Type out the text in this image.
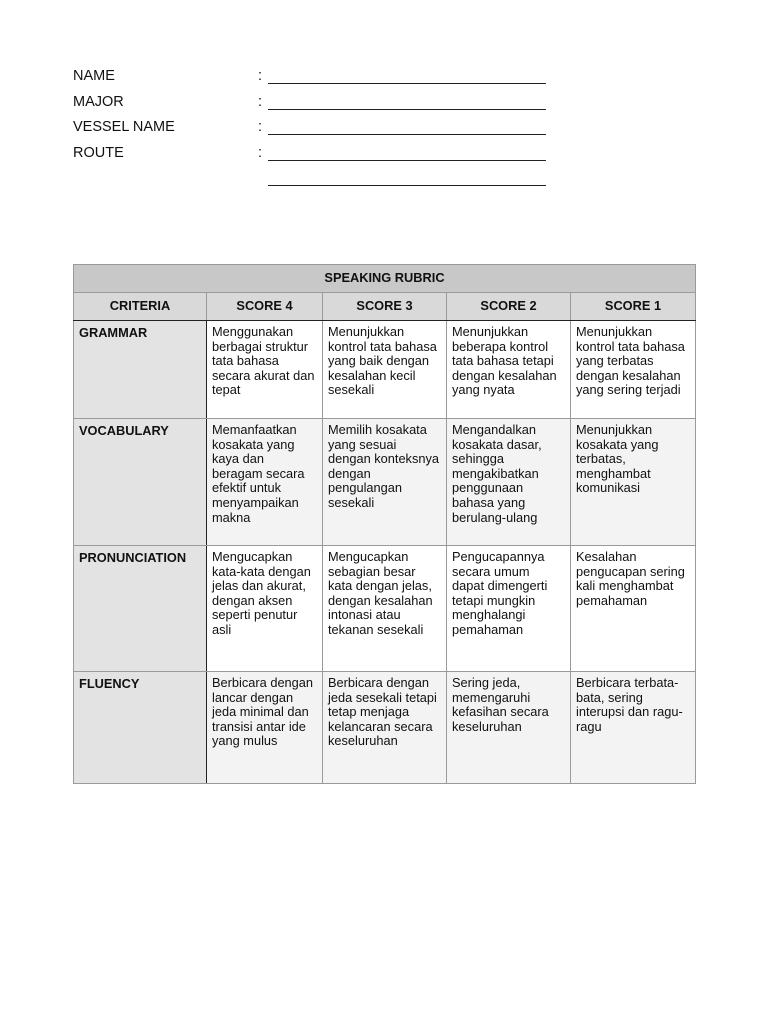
NAME	:
MAJOR	:
VESSEL NAME	:
ROUTE	:
SPEAKING RUBRIC				
CRITERIA	SCORE 4	SCORE 3	SCORE 2	SCORE 1
GRAMMAR	Menggunakan berbagai struktur tata bahasa secara akurat dan tepat	Menunjukkan kontrol tata bahasa yang baik dengan kesalahan kecil sesekali	Menunjukkan beberapa kontrol tata bahasa tetapi dengan kesalahan yang nyata	Menunjukkan kontrol tata bahasa yang terbatas dengan kesalahan yang sering terjadi
VOCABULARY	Memanfaatkan kosakata yang kaya dan beragam secara efektif untuk menyampaikan makna	Memilih kosakata yang sesuai dengan konteksnya dengan pengulangan sesekali	Mengandalkan kosakata dasar, sehingga mengakibatkan penggunaan bahasa yang berulang-ulang	Menunjukkan kosakata yang terbatas, menghambat komunikasi
PRONUNCIATION	Mengucapkan kata-kata dengan jelas dan akurat, dengan aksen seperti penutur asli	Mengucapkan sebagian besar kata dengan jelas, dengan kesalahan intonasi atau tekanan sesekali	Pengucapannya secara umum dapat dimengerti tetapi mungkin menghalangi pemahaman	Kesalahan pengucapan sering kali menghambat pemahaman
FLUENCY	Berbicara dengan lancar dengan jeda minimal dan transisi antar ide yang mulus	Berbicara dengan jeda sesekali tetapi tetap menjaga kelancaran secara keseluruhan	Sering jeda, memengaruhi kefasihan secara keseluruhan	Berbicara terbata-bata, sering interupsi dan ragu-ragu
